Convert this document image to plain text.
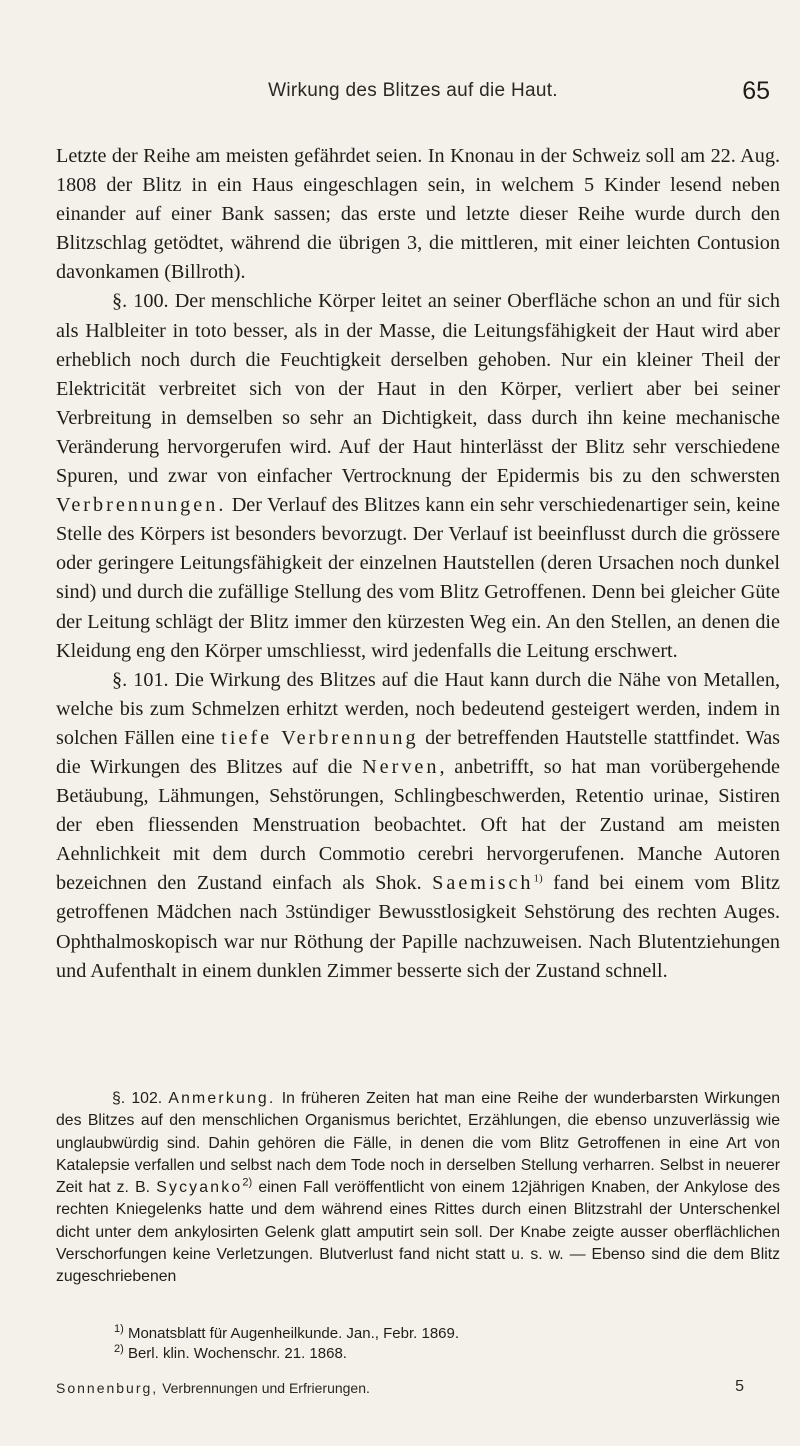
Wirkung des Blitzes auf die Haut.	65

Letzte der Reihe am meisten gefährdet seien. In Knonau in der Schweiz soll am 22. Aug. 1808 der Blitz in ein Haus eingeschlagen sein, in welchem 5 Kinder lesend neben einander auf einer Bank sassen; das erste und letzte dieser Reihe wurde durch den Blitzschlag getödtet, während die übrigen 3, die mittleren, mit einer leichten Contusion davonkamen (Billroth).

§. 100. Der menschliche Körper leitet an seiner Oberfläche schon an und für sich als Halbleiter in toto besser, als in der Masse, die Leitungsfähigkeit der Haut wird aber erheblich noch durch die Feuchtigkeit derselben gehoben. Nur ein kleiner Theil der Elektricität verbreitet sich von der Haut in den Körper, verliert aber bei seiner Verbreitung in demselben so sehr an Dichtigkeit, dass durch ihn keine mechanische Veränderung hervorgerufen wird. Auf der Haut hinterlässt der Blitz sehr verschiedene Spuren, und zwar von einfacher Vertrocknung der Epidermis bis zu den schwersten Verbrennungen. Der Verlauf des Blitzes kann ein sehr verschiedenartiger sein, keine Stelle des Körpers ist besonders bevorzugt. Der Verlauf ist beeinflusst durch die grössere oder geringere Leitungsfähigkeit der einzelnen Hautstellen (deren Ursachen noch dunkel sind) und durch die zufällige Stellung des vom Blitz Getroffenen. Denn bei gleicher Güte der Leitung schlägt der Blitz immer den kürzesten Weg ein. An den Stellen, an denen die Kleidung eng den Körper umschliesst, wird jedenfalls die Leitung erschwert.

§. 101. Die Wirkung des Blitzes auf die Haut kann durch die Nähe von Metallen, welche bis zum Schmelzen erhitzt werden, noch bedeutend gesteigert werden, indem in solchen Fällen eine tiefe Verbrennung der betreffenden Hautstelle stattfindet. Was die Wirkungen des Blitzes auf die Nerven, anbetrifft, so hat man vorübergehende Betäubung, Lähmungen, Sehstörungen, Schlingbeschwerden, Retentio urinae, Sistiren der eben fliessenden Menstruation beobachtet. Oft hat der Zustand am meisten Aehnlichkeit mit dem durch Commotio cerebri hervorgerufenen. Manche Autoren bezeichnen den Zustand einfach als Shok. Saemisch$^{1)}$ fand bei einem vom Blitz getroffenen Mädchen nach 3stündiger Bewusstlosigkeit Sehstörung des rechten Auges. Ophthalmoskopisch war nur Röthung der Papille nachzuweisen. Nach Blutentziehungen und Aufenthalt in einem dunklen Zimmer besserte sich der Zustand schnell.

§. 102. Anmerkung. In früheren Zeiten hat man eine Reihe der wunderbarsten Wirkungen des Blitzes auf den menschlichen Organismus berichtet, Erzählungen, die ebenso unzuverlässig wie unglaubwürdig sind. Dahin gehören die Fälle, in denen die vom Blitz Getroffenen in eine Art von Katalepsie verfallen und selbst nach dem Tode noch in derselben Stellung verharren. Selbst in neuerer Zeit hat z. B. Sycyanko$^{2)}$ einen Fall veröffentlicht von einem 12jährigen Knaben, der Ankylose des rechten Kniegelenks hatte und dem während eines Rittes durch einen Blitzstrahl der Unterschenkel dicht unter dem ankylosirten Gelenk glatt amputirt sein soll. Der Knabe zeigte ausser oberflächlichen Verschorfungen keine Verletzungen. Blutverlust fand nicht statt u. s. w. — Ebenso sind die dem Blitz zugeschriebenen

$^{1)}$ Monatsblatt für Augenheilkunde. Jan., Febr. 1869.
$^{2)}$ Berl. klin. Wochenschr. 21. 1868.
Sonnenburg, Verbrennungen und Erfrierungen.	5
